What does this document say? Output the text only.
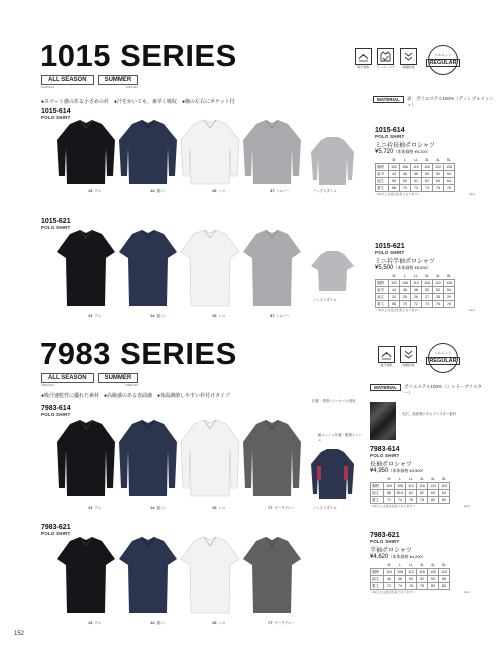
1015 SERIES
ALL SEASON
1015-614
SUMMER
1015-621
●スマート感のある小さめの衿　●汗をかいても、素早く吸収　●胸の左右にポケット付
吸汗速乾	イージーケア	制菌防臭
シルエット
REGULAR
MATERIAL	表：ポリエステル100%（ディンプルメッシュ）
1015-614
POLO SHIRT
13 クロ	14 濃コン	15 シロ	37 シルバー	バックスタイル
1015-614
POLO SHIRT
ミニ衿長袖ポロシャツ
¥5,720（本体価格 ¥5,200）
	M	L	LL	3L	4L	5L
胸囲	102	106	110	116	122	126
肩巾	44	46	48	50	52	54
袖丈	59	60	61	62	63	64
着丈	68	70	72	74	76	78
＜4L以上は受注生産となります＞	(cm)
1015-621
POLO SHIRT
13 クロ	14 濃コン	15 シロ	37 シルバー
バックスタイル
1015-621
POLO SHIRT
ミニ衿半袖ポロシャツ
¥5,500（本体価格 ¥5,000）
	M	L	LL	3L	4L	5L
胸囲	102	106	110	116	122	126
肩巾	44	46	48	50	52	54
袖丈	24	25	26	27	28	29
着丈	68	70	72	74	76	78
＜4L以上は受注生産となります＞	(cm)
7983 SERIES
ALL SEASON
7983-614
SUMMER
7983-621
●吸汗速乾性に優れた素材　●高級感のある表面感　●体温調節しやすい衿付けタイプ
吸汗速乾	制菌防臭
シルエット
REGULAR
MATERIAL	ポリエステル100%（シャドーブリスター）
光沢、高級感のあるブリスター素材
7983-614
POLO SHIRT
13 クロ	14 濃コン	15 シロ	77 ダークグレー
衿裏・背面にコールバロ回転
脇メッシュ仕様・脇裏メッシュ
バックスタイル
7983-614
POLO SHIRT
長袖ポロシャツ
¥4,950（本体価格 ¥4,500）
	M	L	LL	3L	4L	5L
胸囲	104	108	112	116	120	124
袖丈	58	59.5	61	62	63	64
着丈	72	74	76	78	80	82
＜4L以上は受注生産となります＞	(cm)
7983-621
POLO SHIRT
13 クロ	14 濃コン	15 シロ	77 ダークグレー
7983-621
POLO SHIRT
半袖ポロシャツ
¥4,620（本体価格 ¥4,200）
	M	L	LL	3L	4L	5L
胸囲	104	108	112	116	120	124
袖丈	46	48	50	52	54	56
着丈	72	74	76	78	80	82
＜4L以上は受注生産となります＞	(cm)
152
